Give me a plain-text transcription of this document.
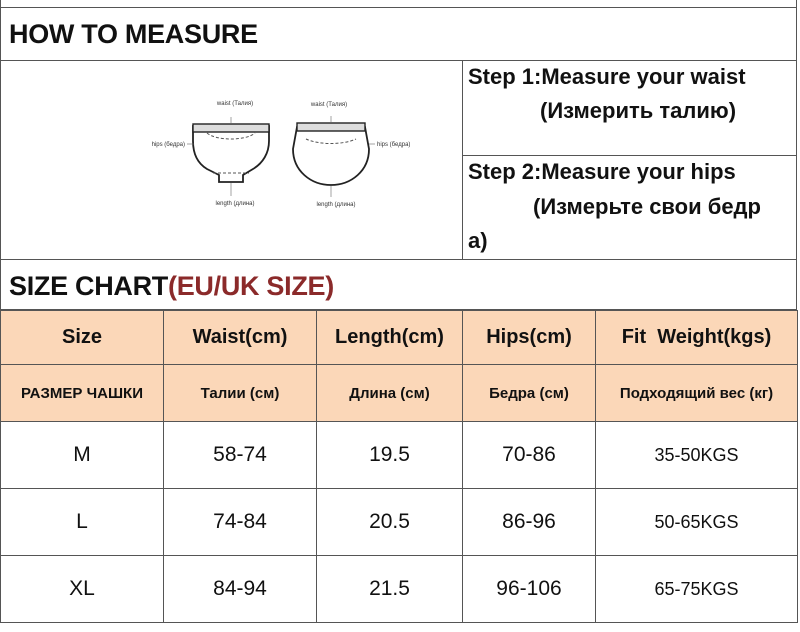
HOW TO MEASURE
waist (Талия)	waist (Талия)
hips (бедра)	hips (бедра)
length (длина)	length (длина)
Step 1:Measure your waist
(Измерить талию)
Step 2:Measure your hips
(Измерьте свои бедр
а)
SIZE CHART(EU/UK SIZE)
Size	Waist(cm)	Length(cm)	Hips(cm)	Fit  Weight(kgs)
РАЗМЕР ЧАШКИ	Талии (см)	Длина (см)	Бедра (см)	Подходящий вес (кг)
M	58-74	19.5	70-86	35-50KGS
L	74-84	20.5	86-96	50-65KGS
XL	84-94	21.5	96-106	65-75KGS
